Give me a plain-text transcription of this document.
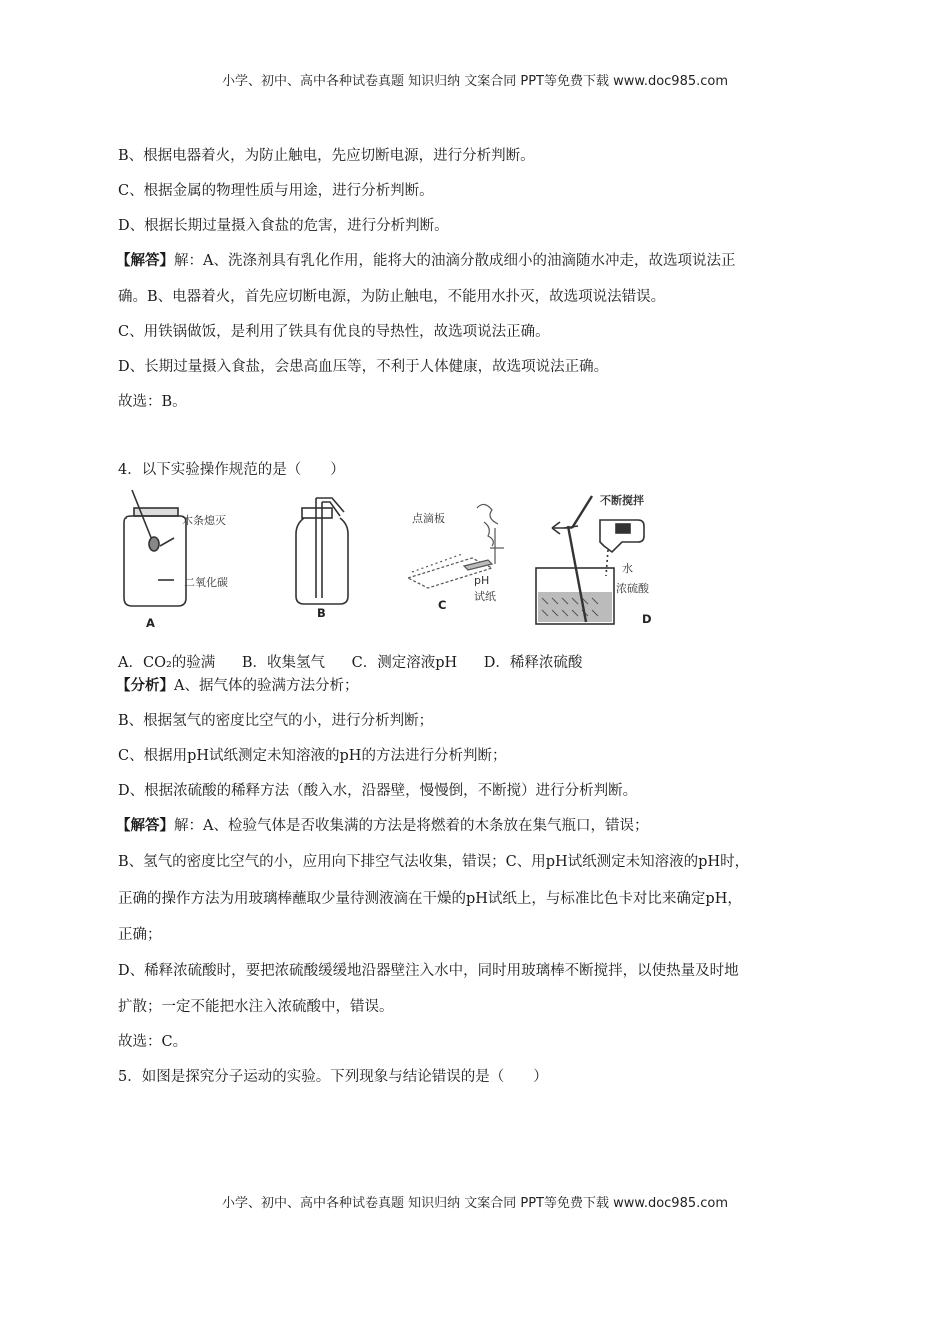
小学、初中、高中各种试卷真题 知识归纳 文案合同 PPT等免费下载 www.doc985.com
B、根据电器着火，为防止触电，先应切断电源，进行分析判断。
C、根据金属的物理性质与用途，进行分析判断。
D、根据长期过量摄入食盐的危害，进行分析判断。
【解答】解：A、洗涤剂具有乳化作用，能将大的油滴分散成细小的油滴随水冲走，故选项说法正
确。B、电器着火，首先应切断电源，为防止触电，不能用水扑灭，故选项说法错误。
C、用铁锅做饭，是利用了铁具有优良的导热性，故选项说法正确。
D、长期过量摄入食盐，会患高血压等，不利于人体健康，故选项说法正确。
故选：B。
4．以下实验操作规范的是（　　）
木条熄灭
二氧化碳
A
B
点滴板
pH
试纸
C
不断搅拌
水
浓硫酸
D
A．CO₂的验满 B．收集氢气 C．测定溶液pH D．稀释浓硫酸
【分析】A、据气体的验满方法分析；
B、根据氢气的密度比空气的小，进行分析判断；
C、根据用pH试纸测定未知溶液的pH的方法进行分析判断；
D、根据浓硫酸的稀释方法（酸入水，沿器壁，慢慢倒，不断搅）进行分析判断。
【解答】解：A、检验气体是否收集满的方法是将燃着的木条放在集气瓶口，错误；
B、氢气的密度比空气的小，应用向下排空气法收集，错误；C、用pH试纸测定未知溶液的pH时，
正确的操作方法为用玻璃棒蘸取少量待测液滴在干燥的pH试纸上，与标准比色卡对比来确定pH，
正确；
D、稀释浓硫酸时，要把浓硫酸缓缓地沿器壁注入水中，同时用玻璃棒不断搅拌，以使热量及时地
扩散；一定不能把水注入浓硫酸中，错误。
故选：C。
5．如图是探究分子运动的实验。下列现象与结论错误的是（　　）
小学、初中、高中各种试卷真题 知识归纳 文案合同 PPT等免费下载 www.doc985.com
